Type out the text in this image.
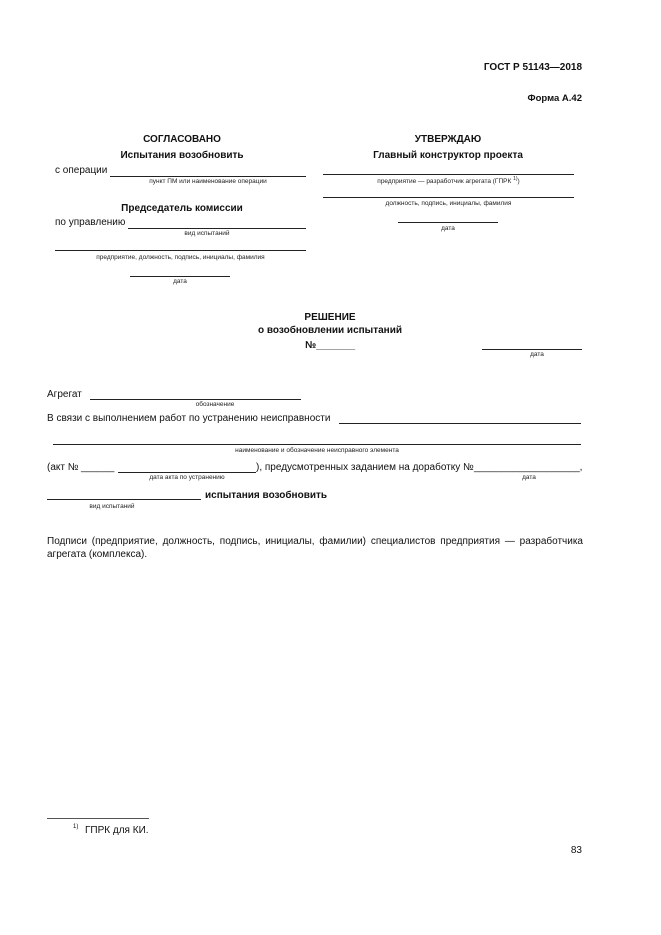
ГОСТ Р 51143—2018
Форма А.42
СОГЛАСОВАНО
Испытания возобновить
с операции
пункт ПМ или наименование операции
Председатель комиссии
по управлению
вид испытаний
предприятие, должность, подпись, инициалы, фамилия
дата
УТВЕРЖДАЮ
Главный конструктор проекта
предприятие — разработчик агрегата (ГПРК $^{1)}$)
должность, подпись, инициалы, фамилия
дата
РЕШЕНИЕ
о возобновлении испытаний
№_______
дата
Агрегат
обозначение
В связи с выполнением работ по устранению неисправности
наименование и обозначение неисправного элемента
(акт № ______	), предусмотренных заданием на доработку № ___________________,
дата акта по устранению	дата
испытания возобновить
вид испытаний
Подписи (предприятие, должность, подпись, инициалы, фамилии) специалистов предприятия — разработчика агрегата (комплекса).
1) ГПРК для КИ.
83
